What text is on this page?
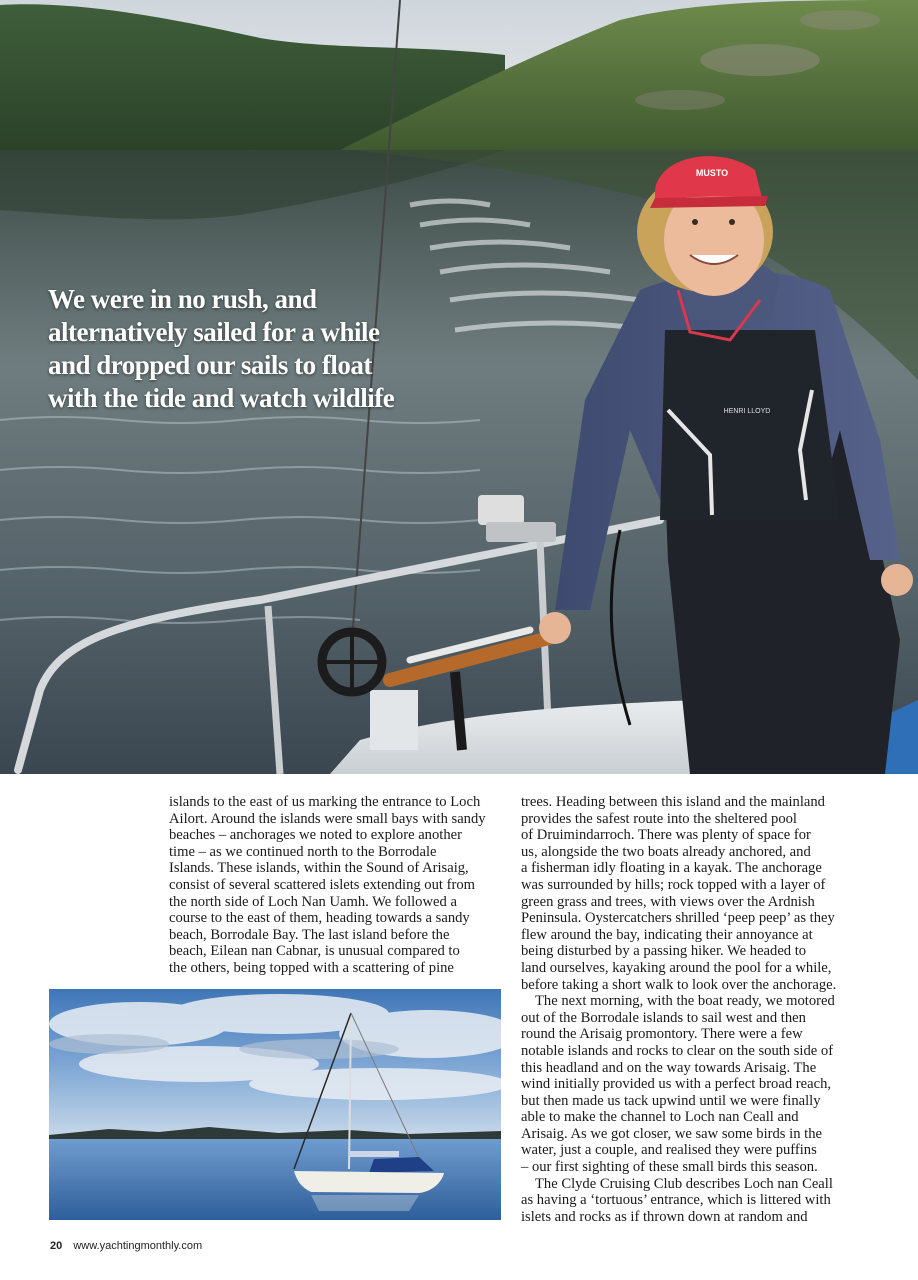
HENRI LLOYD
MUSTO
We were in no rush, and
alternatively sailed for a while
and dropped our sails to float
with the tide and watch wildlife
islands to the east of us marking the entrance to Loch
Ailort. Around the islands were small bays with sandy
beaches – anchorages we noted to explore another
time – as we continued north to the Borrodale
Islands. These islands, within the Sound of Arisaig,
consist of several scattered islets extending out from
the north side of Loch Nan Uamh. We followed a
course to the east of them, heading towards a sandy
beach, Borrodale Bay. The last island before the
beach, Eilean nan Cabnar, is unusual compared to
the others, being topped with a scattering of pine
trees. Heading between this island and the mainland
provides the safest route into the sheltered pool
of Druimindarroch. There was plenty of space for
us, alongside the two boats already anchored, and
a fisherman idly floating in a kayak. The anchorage
was surrounded by hills; rock topped with a layer of
green grass and trees, with views over the Ardnish
Peninsula. Oystercatchers shrilled ‘peep peep’ as they
flew around the bay, indicating their annoyance at
being disturbed by a passing hiker. We headed to
land ourselves, kayaking around the pool for a while,
before taking a short walk to look over the anchorage.
The next morning, with the boat ready, we motored
out of the Borrodale islands to sail west and then
round the Arisaig promontory. There were a few
notable islands and rocks to clear on the south side of
this headland and on the way towards Arisaig. The
wind initially provided us with a perfect broad reach,
but then made us tack upwind until we were finally
able to make the channel to Loch nan Ceall and
Arisaig. As we got closer, we saw some birds in the
water, just a couple, and realised they were puffins
– our first sighting of these small birds this season.
The Clyde Cruising Club describes Loch nan Ceall
as having a ‘tortuous’ entrance, which is littered with
islets and rocks as if thrown down at random and
20 www.yachtingmonthly.com
